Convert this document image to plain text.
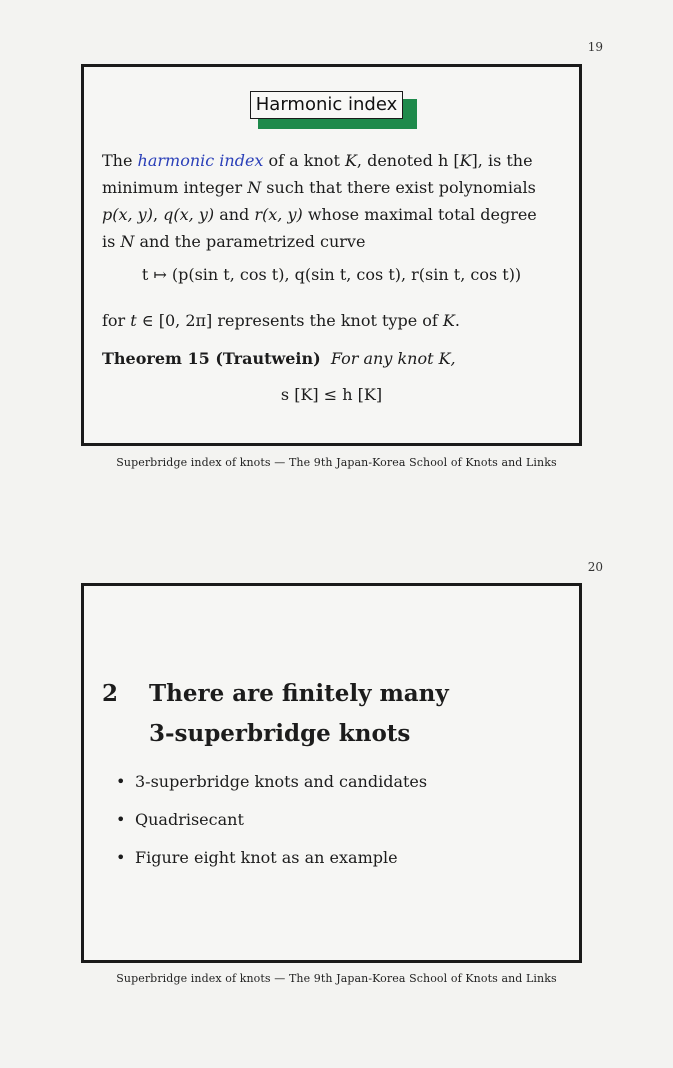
19
Harmonic index
The harmonic index of a knot K, denoted h [K], is the
minimum integer N such that there exist polynomials
p(x, y), q(x, y) and r(x, y) whose maximal total degree
is N and the parametrized curve
t ↦ (p(sin t, cos t), q(sin t, cos t), r(sin t, cos t))
for t ∈ [0, 2π] represents the knot type of K.
Theorem 15 (Trautwein) For any knot K,
s [K] ≤ h [K]
Superbridge index of knots — The 9th Japan-Korea School of Knots and Links
20
2 There are finitely many
3-superbridge knots
• 3-superbridge knots and candidates
• Quadrisecant
• Figure eight knot as an example
Superbridge index of knots — The 9th Japan-Korea School of Knots and Links
